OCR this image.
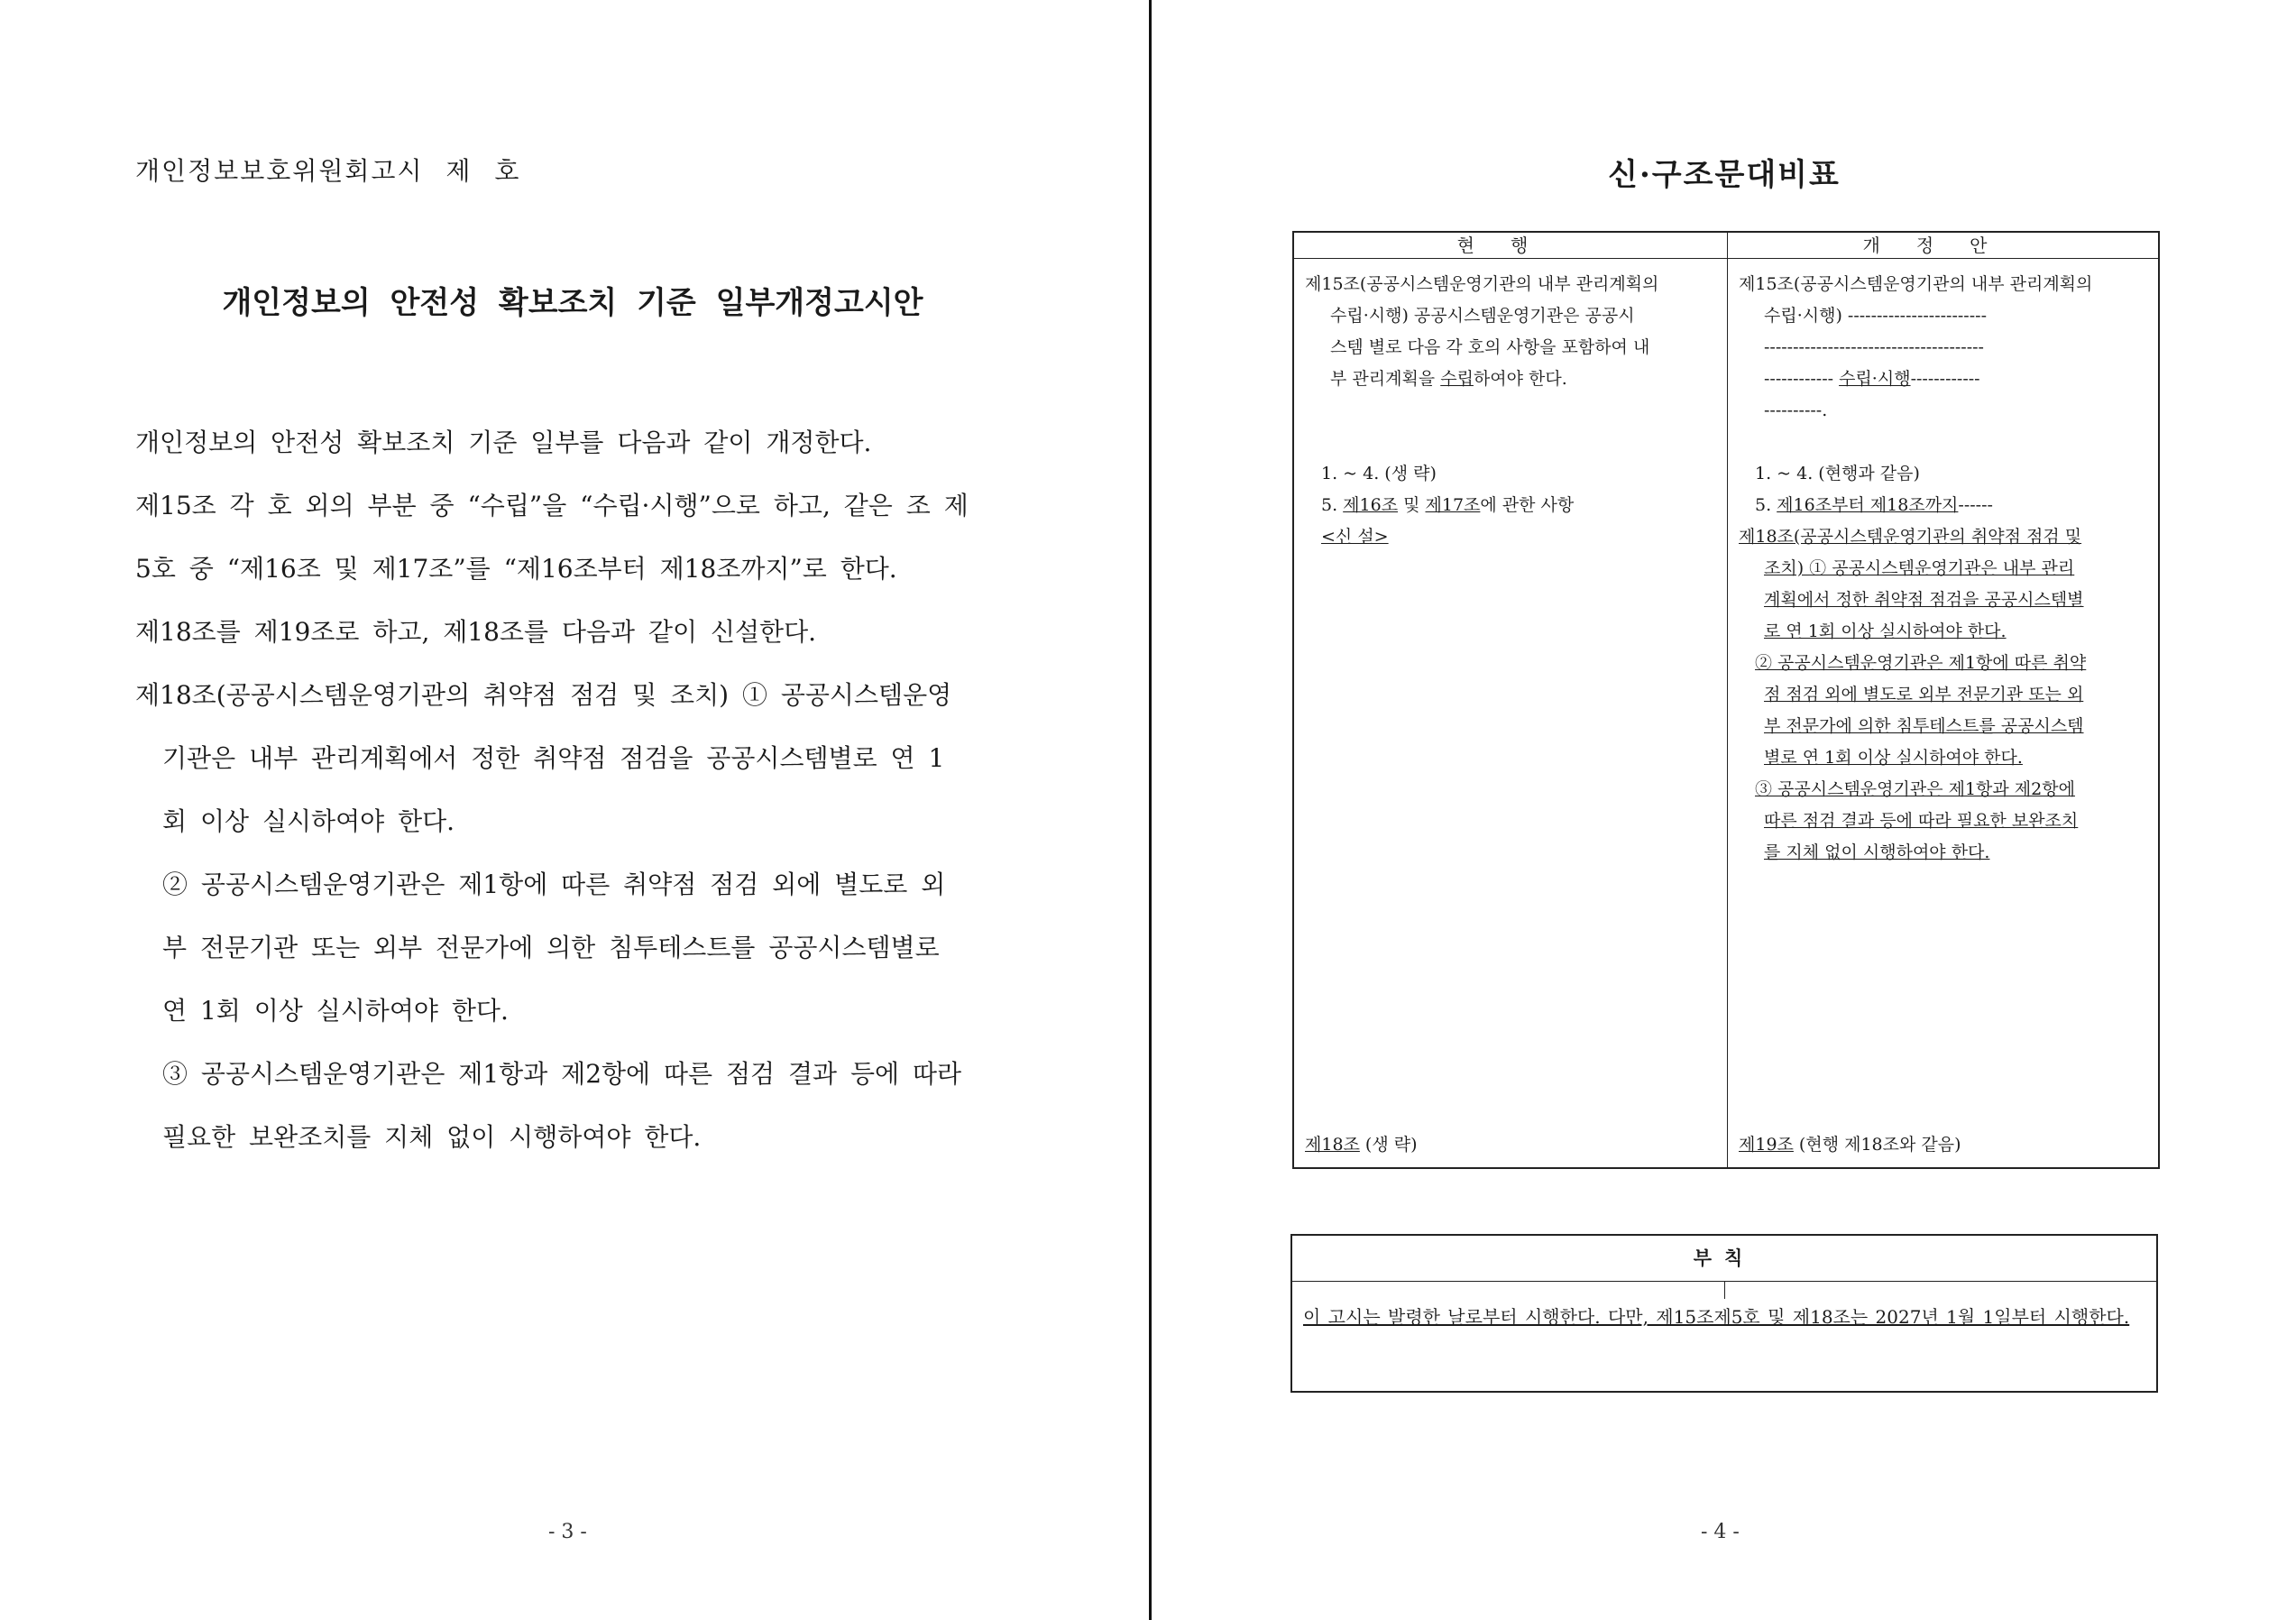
개인정보보호위원회고시 제 호
개인정보의 안전성 확보조치 기준 일부개정고시안
개인정보의 안전성 확보조치 기준 일부를 다음과 같이 개정한다.
제15조 각 호 외의 부분 중 “수립”을 “수립·시행”으로 하고, 같은 조 제
5호 중 “제16조 및 제17조”를 “제16조부터 제18조까지”로 한다.
제18조를 제19조로 하고, 제18조를 다음과 같이 신설한다.
제18조(공공시스템운영기관의 취약점 점검 및 조치) ① 공공시스템운영
기관은 내부 관리계획에서 정한 취약점 점검을 공공시스템별로 연 1
회 이상 실시하여야 한다.
② 공공시스템운영기관은 제1항에 따른 취약점 점검 외에 별도로 외
부 전문기관 또는 외부 전문가에 의한 침투테스트를 공공시스템별로
연 1회 이상 실시하여야 한다.
③ 공공시스템운영기관은 제1항과 제2항에 따른 점검 결과 등에 따라
필요한 보완조치를 지체 없이 시행하여야 한다.
- 3 -
신·구조문대비표
현행	개정안
제15조(공공시스템운영기관의 내부 관리계획의
수립·시행) 공공시스템운영기관은 공공시
스템 별로 다음 각 호의 사항을 포함하여 내
부 관리계획을 수립하여야 한다.
1. ~ 4. (생 략)
5. 제16조 및 제17조에 관한 사항
<신 설>
제18조 (생 략)
제15조(공공시스템운영기관의 내부 관리계획의
수립·시행) ------------------------
--------------------------------------
------------ 수립·시행------------
----------.
1. ~ 4. (현행과 같음)
5. 제16조부터 제18조까지------
제18조(공공시스템운영기관의 취약점 점검 및
조치) ① 공공시스템운영기관은 내부 관리
계획에서 정한 취약점 점검을 공공시스템별
로 연 1회 이상 실시하여야 한다.
② 공공시스템운영기관은 제1항에 따른 취약
점 점검 외에 별도로 외부 전문기관 또는 외
부 전문가에 의한 침투테스트를 공공시스템
별로 연 1회 이상 실시하여야 한다.
③ 공공시스템운영기관은 제1항과 제2항에
따른 점검 결과 등에 따라 필요한 보완조치
를 지체 없이 시행하여야 한다.
제19조 (현행 제18조와 같음)
부칙
이 고시는 발령한 날로부터 시행한다. 다만, 제15조제5호 및 제18조는 2027년 1월 1일부터 시행한다.
- 4 -
